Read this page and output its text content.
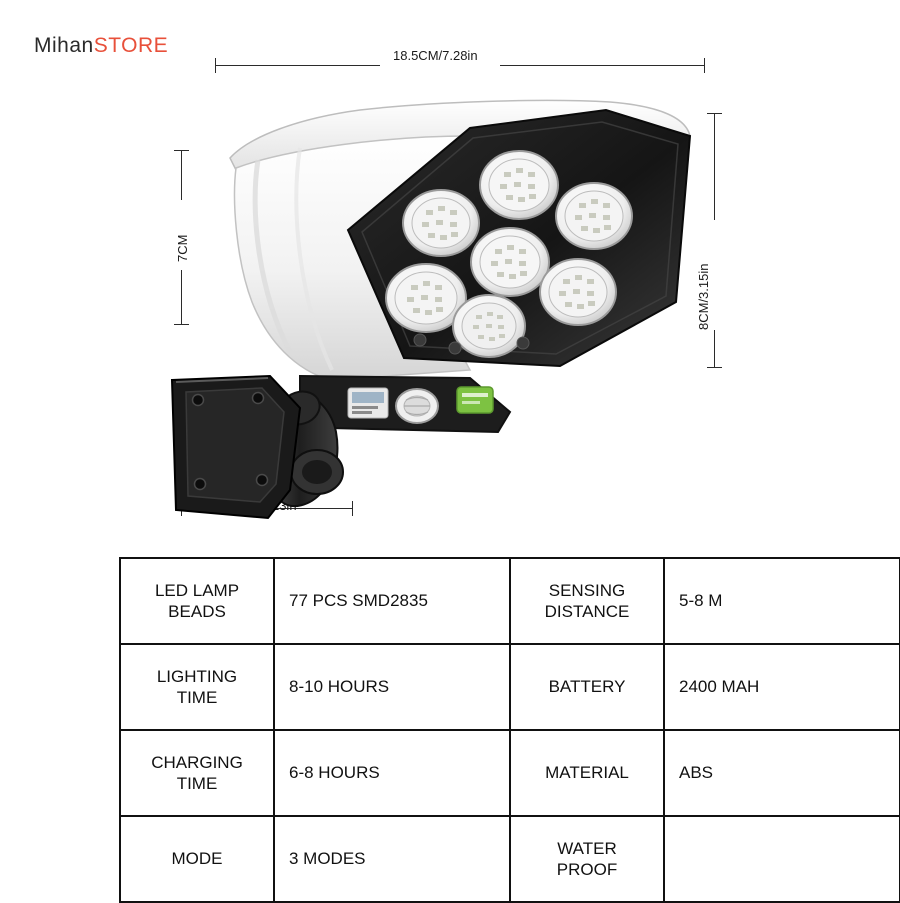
MihanSTORE	18.5CM/7.28in
8CM/3.15in
7CM
LED LAMP BEADS	77 PCS SMD2835	SENSING DISTANCE	5-8 M
LIGHTING TIME	8-10 HOURS	BATTERY	2400 MAH
CHARGING TIME	6-8 HOURS	MATERIAL	ABS
MODE	3 MODES	WATER PROOF	
